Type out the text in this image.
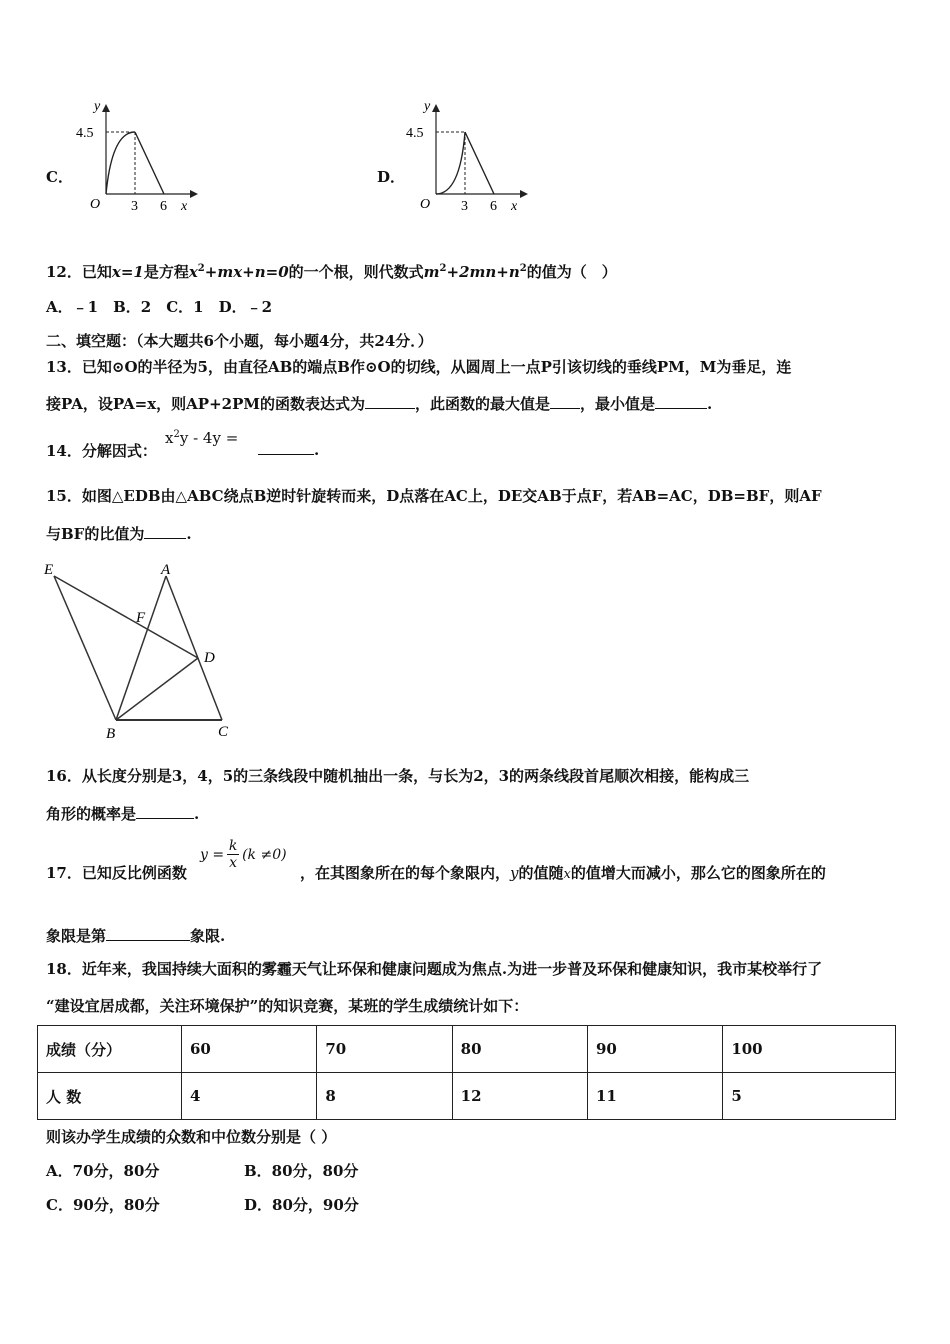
C．
y
4.5
O 3 6 x
D．
y
4.5
O 3 6 x
12．已知x=1是方程$x^2+mx+n=0$的一个根，则代数式$m^2+2mn+n^2$的值为（　）
A．﹣1　B．2　C．1　D．﹣2
二、填空题：（本大题共6个小题，每小题4分，共24分．）
13．已知⊙O的半径为5，由直径AB的端点B作⊙O的切线，从圆周上一点P引该切线的垂线PM，M为垂足，连
接PA，设PA=x，则AP+2PM的函数表达式为	，此函数的最大值是 ，最小值是	.
14．分解因式：
$x^2y - 4y$ =
.
15．如图△EDB由△ABC绕点B逆时针旋转而来，D点落在AC上，DE交AB于点F，若AB=AC，DB=BF，则AF
与BF的比值为	.
E	A
F
D
B	C
16．从长度分别是3，4，5的三条线段中随机抽出一条，与长为2，3的两条线段首尾顺次相接，能构成三
角形的概率是	.
17．已知反比例函数
$y = \frac{k}{x} (k \ne 0)$
，在其图象所在的每个象限内，y的值随x的值增大而减小，那么它的图象所在的
象限是第	象限.
18．近年来，我国持续大面积的雾霾天气让环保和健康问题成为焦点.为进一步普及环保和健康知识，我市某校举行了
“建设宜居成都，关注环境保护”的知识竞赛，某班的学生成绩统计如下：
成绩（分）	60	70	80	90	100
人 数	4	8	12	11	5
则该办学生成绩的众数和中位数分别是（ ）
A．70分，80分	B．80分，80分
C．90分，80分	D．80分，90分
